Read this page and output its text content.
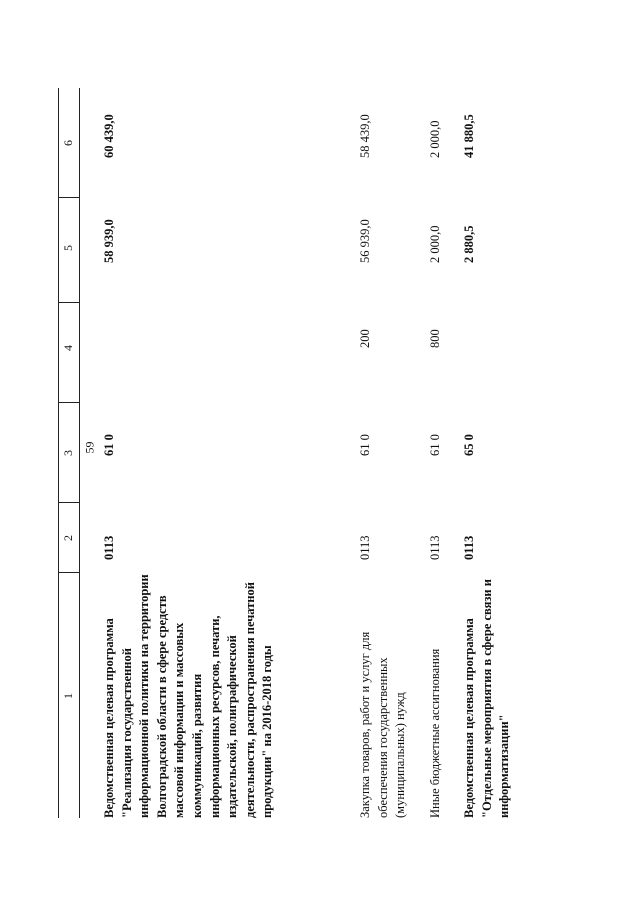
59
1
2
3
4
5
6
Ведомственная целевая программа "Реализация государственной информационной политики на территории Волгоградской области в сфере средств массовой информации и массовых коммуникаций, развития информационных ресурсов, печати, издательской, полиграфической деятельности, распространения печатной продукции" на 2016-2018 годы
0113
61 0
58 939,0
60 439,0
Закупка товаров, работ и услуг для обеспечения государственных (муниципальных) нужд
0113
61 0
200
56 939,0
58 439,0
Иные бюджетные ассигнования
0113
61 0
800
2 000,0
2 000,0
Ведомственная целевая программа "Отдельные мероприятия в сфере связи и информатизации"
0113
65 0
2 880,5
41 880,5
